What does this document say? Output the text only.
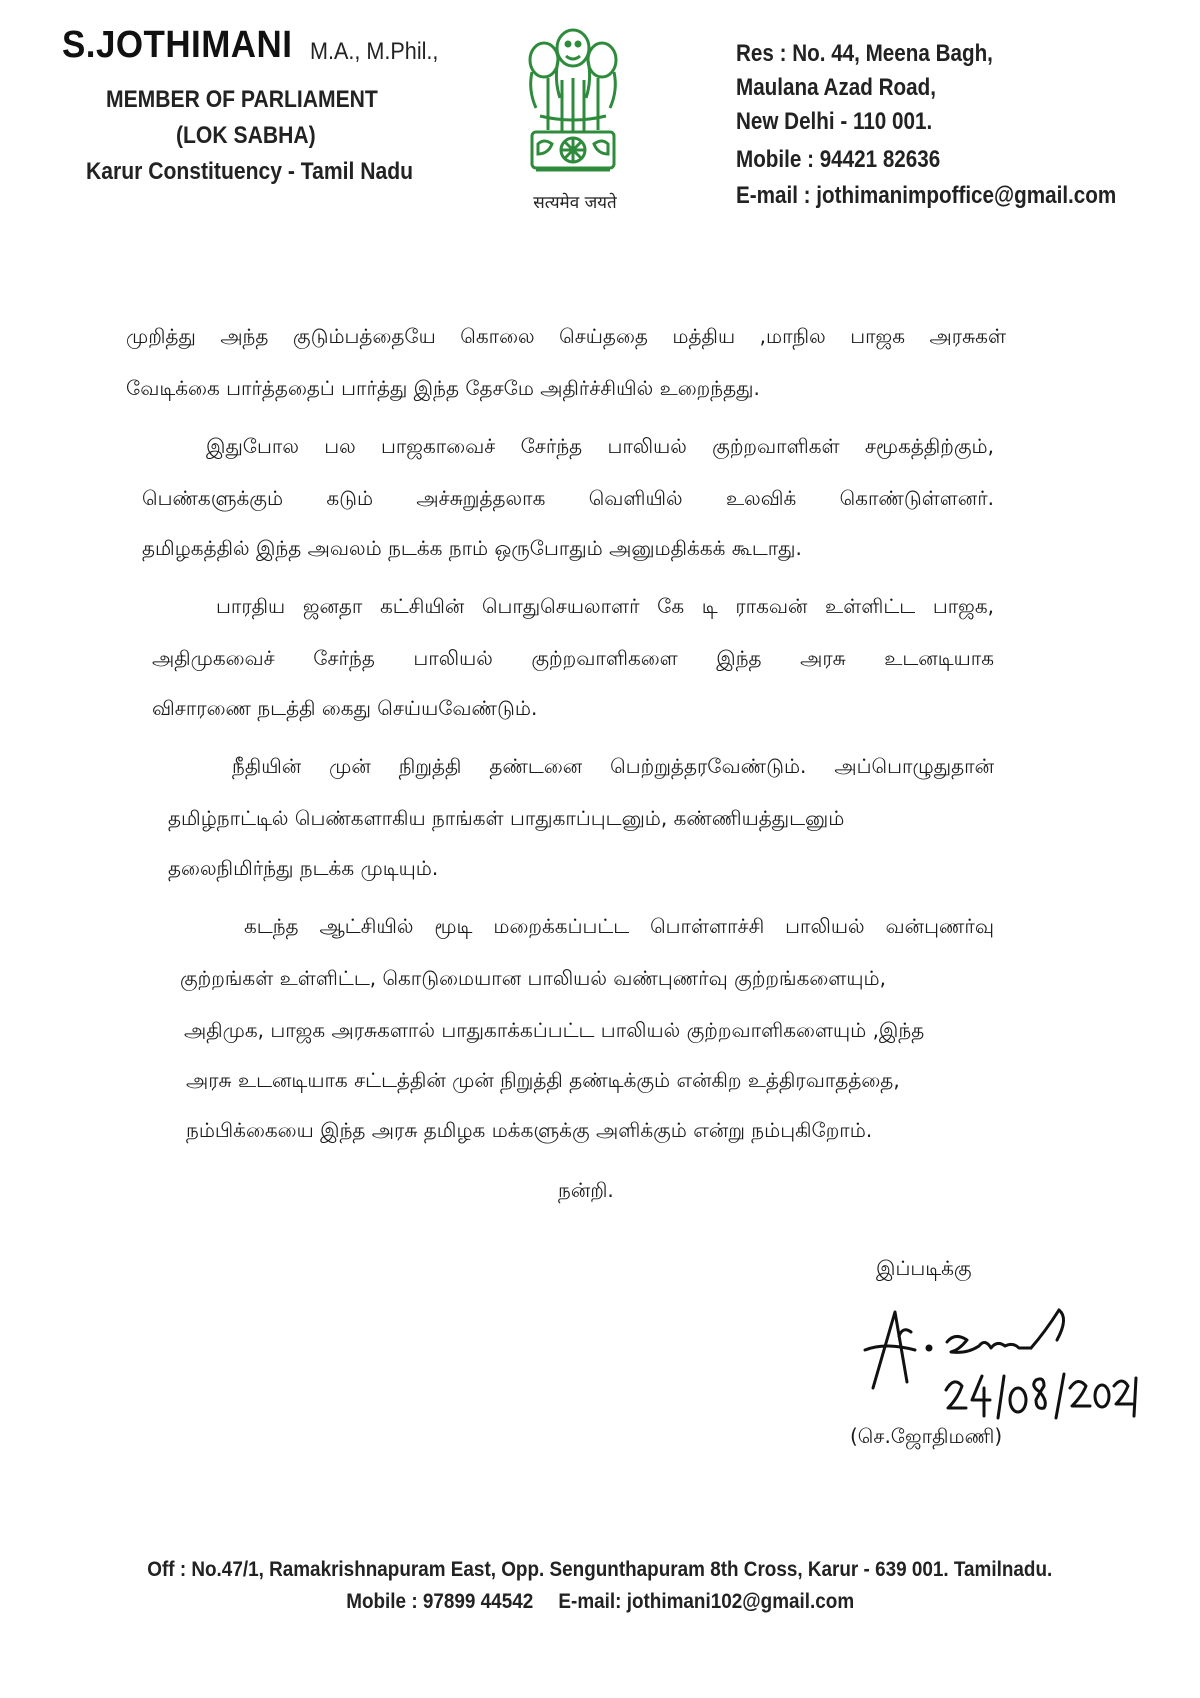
S.JOTHIMANI M.A., M.Phil.,
MEMBER OF PARLIAMENT
(LOK SABHA)
Karur Constituency - Tamil Nadu
सत्यमेव जयते
Res : No. 44, Meena Bagh,
Maulana Azad Road,
New Delhi - 110 001.
Mobile : 94421 82636
E-mail : jothimanimpoffice@gmail.com
முறித்து அந்த குடும்பத்தையே கொலை செய்ததை மத்திய ,மாநில பாஜக அரசுகள்
வேடிக்கை பார்த்ததைப் பார்த்து இந்த தேசமே அதிர்ச்சியில் உறைந்தது.
இதுபோல பல பாஜகாவைச் சேர்ந்த பாலியல் குற்றவாளிகள் சமூகத்திற்கும்,
பெண்களுக்கும் கடும் அச்சுறுத்தலாக வெளியில் உலவிக் கொண்டுள்ளனர்.
தமிழகத்தில் இந்த அவலம் நடக்க நாம் ஒருபோதும் அனுமதிக்கக் கூடாது.
பாரதிய ஜனதா கட்சியின் பொதுசெயலாளர் கே டி ராகவன் உள்ளிட்ட பாஜக,
அதிமுகவைச் சேர்ந்த பாலியல் குற்றவாளிகளை இந்த அரசு உடனடியாக
விசாரணை நடத்தி கைது செய்யவேண்டும்.
நீதியின் முன் நிறுத்தி தண்டனை பெற்றுத்தரவேண்டும். அப்பொழுதுதான்
தமிழ்நாட்டில் பெண்களாகிய நாங்கள் பாதுகாப்புடனும், கண்ணியத்துடனும்
தலைநிமிர்ந்து நடக்க முடியும்.
கடந்த ஆட்சியில் மூடி மறைக்கப்பட்ட பொள்ளாச்சி பாலியல் வன்புணர்வு
குற்றங்கள் உள்ளிட்ட, கொடுமையான பாலியல் வண்புணர்வு குற்றங்களையும்,
அதிமுக, பாஜக அரசுகளால் பாதுகாக்கப்பட்ட பாலியல் குற்றவாளிகளையும் ,இந்த
அரசு உடனடியாக சட்டத்தின் முன் நிறுத்தி தண்டிக்கும் என்கிற உத்திரவாதத்தை,
நம்பிக்கையை இந்த அரசு தமிழக மக்களுக்கு அளிக்கும் என்று நம்புகிறோம்.
நன்றி.
இப்படிக்கு
(செ.ஜோதிமணி)
Off : No.47/1, Ramakrishnapuram East, Opp. Sengunthapuram 8th Cross, Karur - 639 001. Tamilnadu.
Mobile : 97899 44542 E-mail: jothimani102@gmail.com
